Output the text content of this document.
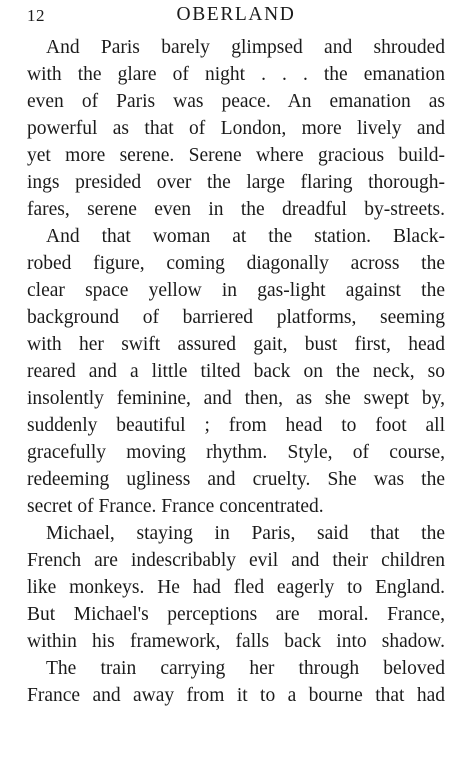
12	OBERLAND

And Paris barely glimpsed and shrouded
with the glare of night . . . the emanation
even of Paris was peace. An emanation as
powerful as that of London, more lively and
yet more serene. Serene where gracious build-
ings presided over the large flaring thorough-
fares, serene even in the dreadful by-streets.

And that woman at the station. Black-
robed figure, coming diagonally across the
clear space yellow in gas-light against the
background of barriered platforms, seeming
with her swift assured gait, bust first, head
reared and a little tilted back on the neck, so
insolently feminine, and then, as she swept by,
suddenly beautiful ; from head to foot all
gracefully moving rhythm. Style, of course,
redeeming ugliness and cruelty. She was the
secret of France. France concentrated.

Michael, staying in Paris, said that the
French are indescribably evil and their children
like monkeys. He had fled eagerly to England.
But Michael's perceptions are moral. France,
within his framework, falls back into shadow.

The train carrying her through beloved
France and away from it to a bourne that had
